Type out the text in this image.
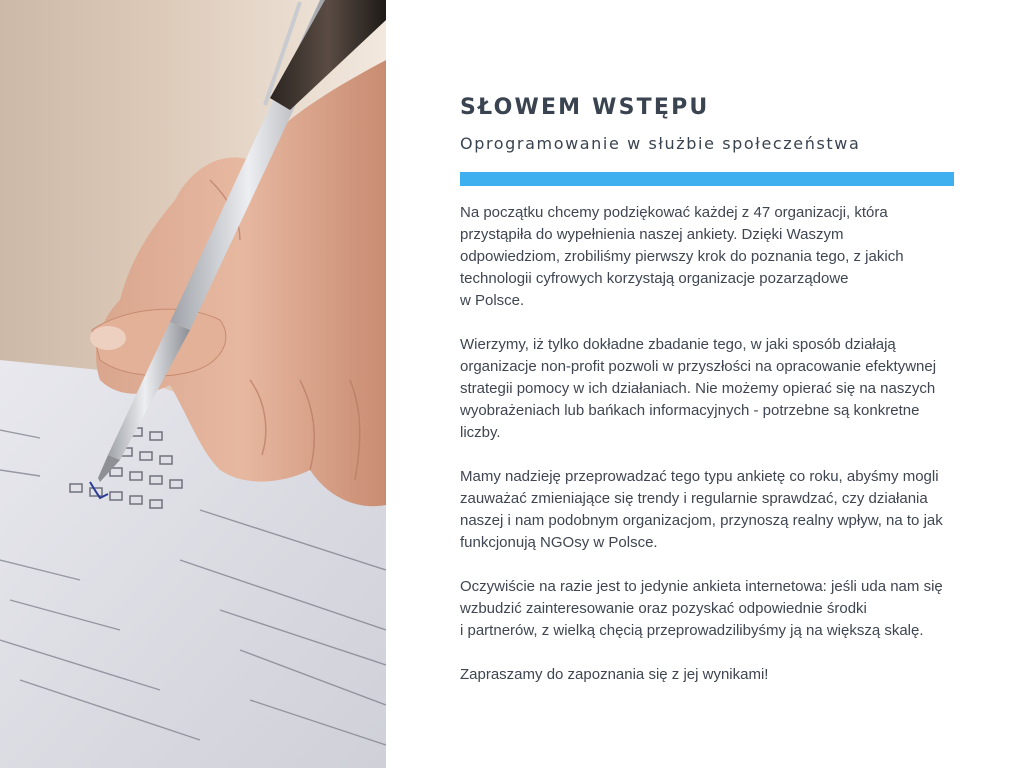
SŁOWEM WSTĘPU
Oprogramowanie w służbie społeczeństwa

Na początku chcemy podziękować każdej z 47 organizacji, która
przystąpiła do wypełnienia naszej ankiety. Dzięki Waszym
odpowiedziom, zrobiliśmy pierwszy krok do poznania tego, z jakich
technologii cyfrowych korzystają organizacje pozarządowe
w Polsce.

Wierzymy, iż tylko dokładne zbadanie tego, w jaki sposób działają
organizacje non-profit pozwoli w przyszłości na opracowanie efektywnej
strategii pomocy w ich działaniach. Nie możemy opierać się na naszych
wyobrażeniach lub bańkach informacyjnych - potrzebne są konkretne
liczby.

Mamy nadzieję przeprowadzać tego typu ankietę co roku, abyśmy mogli
zauważać zmieniające się trendy i regularnie sprawdzać, czy działania
naszej i nam podobnym organizacjom, przynoszą realny wpływ, na to jak
funkcjonują NGOsy w Polsce.

Oczywiście na razie jest to jedynie ankieta internetowa: jeśli uda nam się
wzbudzić zainteresowanie oraz pozyskać odpowiednie środki
i partnerów, z wielką chęcią przeprowadzilibyśmy ją na większą skalę.

Zapraszamy do zapoznania się z jej wynikami!
